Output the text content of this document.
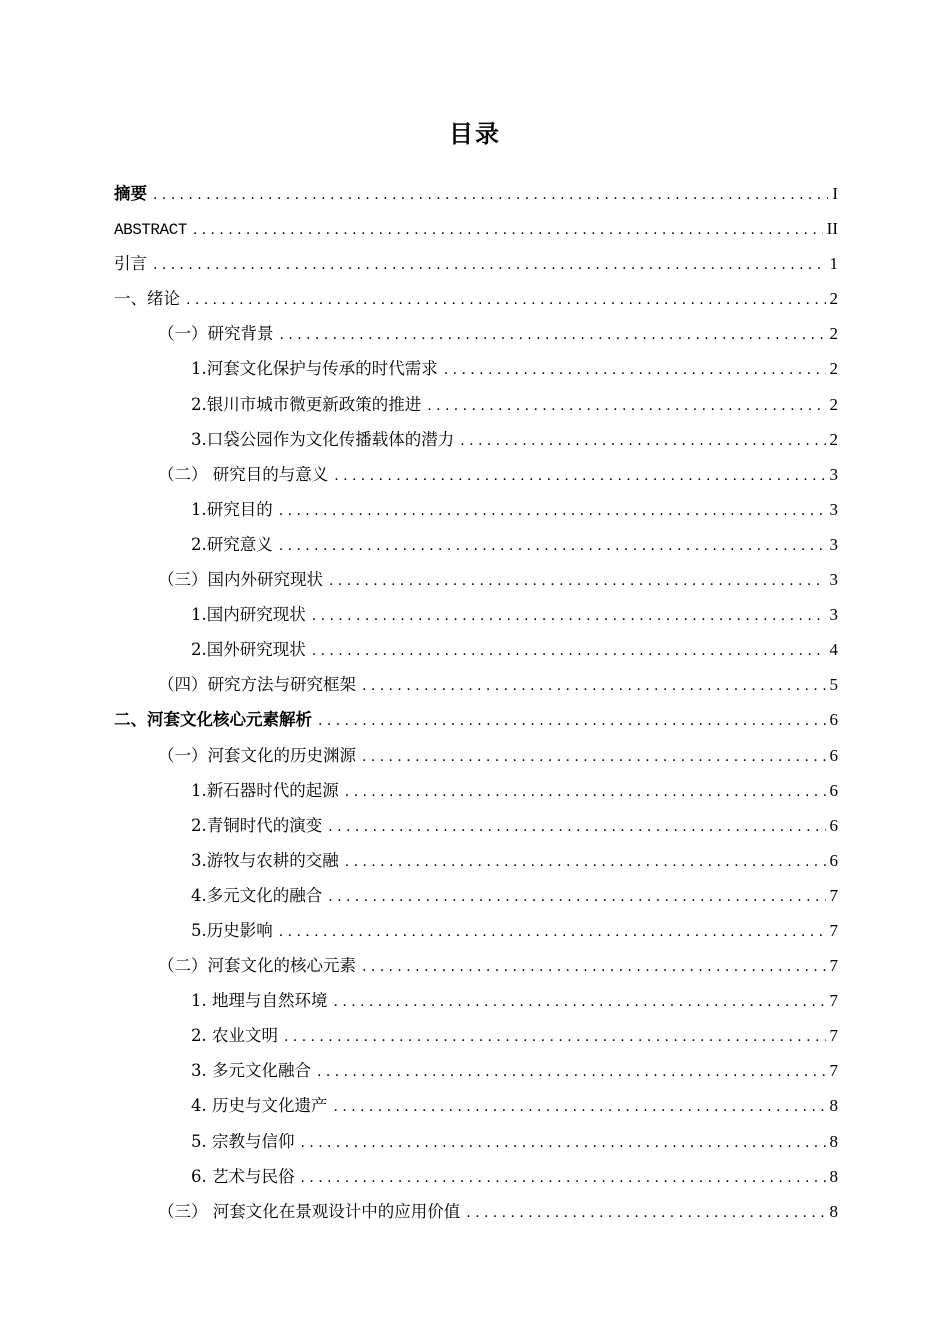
目录
摘要 .....	I
ABSTRACT .....	II
引言 .....	1
一、绪论 .....	2
（一）研究背景 .....	2
1.河套文化保护与传承的时代需求 .....	2
2.银川市城市微更新政策的推进 .....	2
3.口袋公园作为文化传播载体的潜力 .....	2
（二） 研究目的与意义 .....	3
1.研究目的 .....	3
2.研究意义 .....	3
（三）国内外研究现状 .....	3
1.国内研究现状 .....	3
2.国外研究现状 .....	4
（四）研究方法与研究框架 .....	5
二、河套文化核心元素解析 .....	6
（一）河套文化的历史渊源 .....	6
1.新石器时代的起源 .....	6
2.青铜时代的演变 .....	6
3.游牧与农耕的交融 .....	6
4.多元文化的融合 .....	7
5.历史影响 .....	7
（二）河套文化的核心元素 .....	7
1. 地理与自然环境 .....	7
2. 农业文明 .....	7
3. 多元文化融合 .....	7
4. 历史与文化遗产 .....	8
5. 宗教与信仰 .....	8
6. 艺术与民俗 .....	8
（三） 河套文化在景观设计中的应用价值 .....	8
